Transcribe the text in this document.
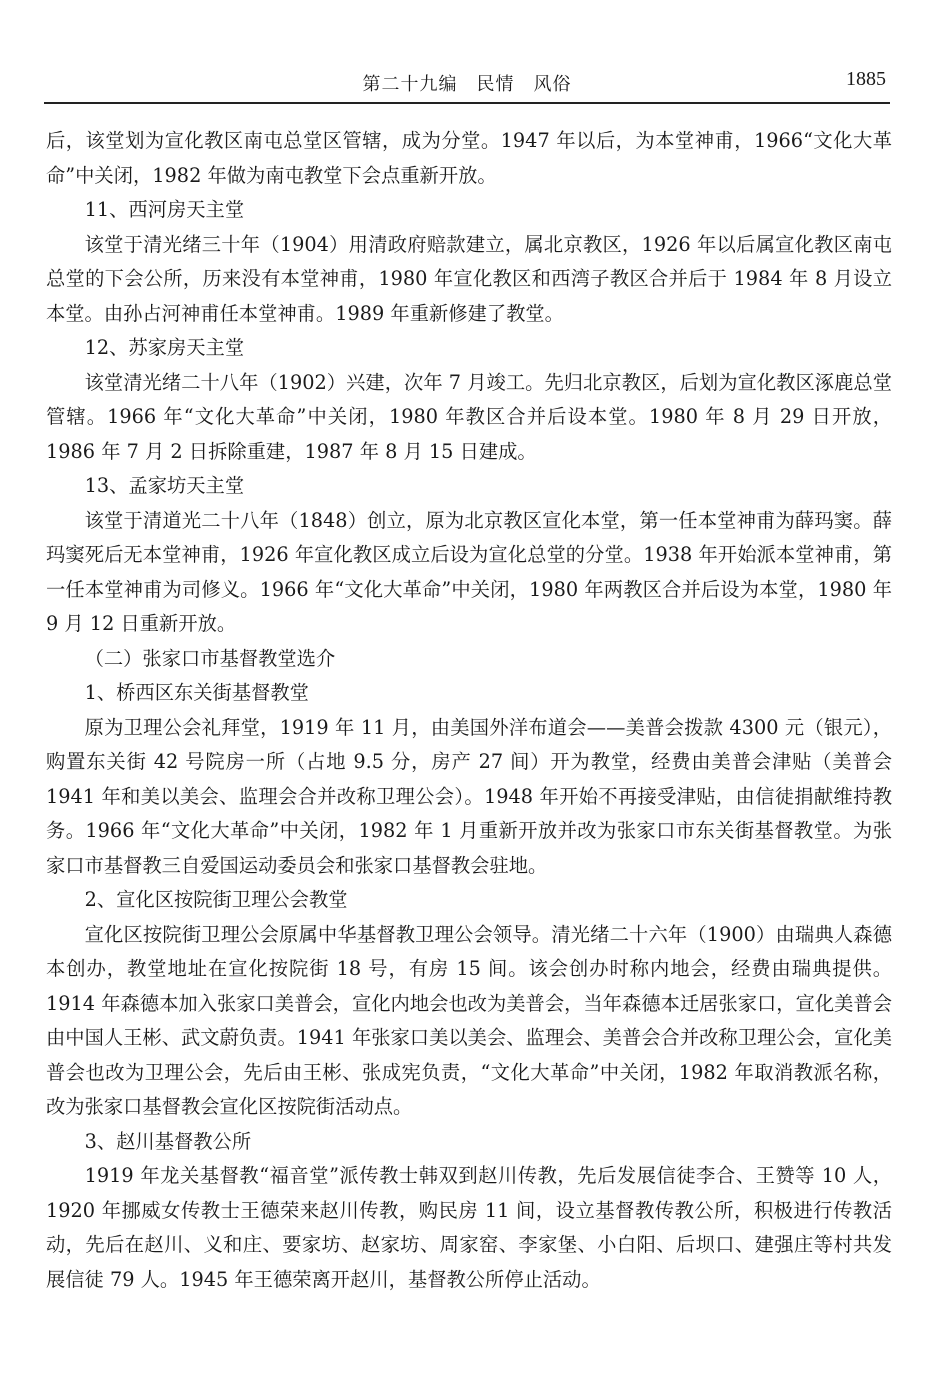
第二十九编　民情　风俗	1885

后，该堂划为宣化教区南屯总堂区管辖，成为分堂。1947 年以后，为本堂神甫，1966“文化大革命”中关闭，1982 年做为南屯教堂下会点重新开放。

11、西河房天主堂

该堂于清光绪三十年（1904）用清政府赔款建立，属北京教区，1926 年以后属宣化教区南屯总堂的下会公所，历来没有本堂神甫，1980 年宣化教区和西湾子教区合并后于 1984 年 8 月设立本堂。由孙占河神甫任本堂神甫。1989 年重新修建了教堂。

12、苏家房天主堂

该堂清光绪二十八年（1902）兴建，次年 7 月竣工。先归北京教区，后划为宣化教区涿鹿总堂管辖。1966 年“文化大革命”中关闭，1980 年教区合并后设本堂。1980 年 8 月 29 日开放，1986 年 7 月 2 日拆除重建，1987 年 8 月 15 日建成。

13、孟家坊天主堂

该堂于清道光二十八年（1848）创立，原为北京教区宣化本堂，第一任本堂神甫为薛玛窦。薛玛窦死后无本堂神甫，1926 年宣化教区成立后设为宣化总堂的分堂。1938 年开始派本堂神甫，第一任本堂神甫为司修义。1966 年“文化大革命”中关闭，1980 年两教区合并后设为本堂，1980 年 9 月 12 日重新开放。

（二）张家口市基督教堂选介

1、桥西区东关街基督教堂

原为卫理公会礼拜堂，1919 年 11 月，由美国外洋布道会——美普会拨款 4300 元（银元），购置东关街 42 号院房一所（占地 9.5 分，房产 27 间）开为教堂，经费由美普会津贴（美普会 1941 年和美以美会、监理会合并改称卫理公会）。1948 年开始不再接受津贴，由信徒捐献维持教务。1966 年“文化大革命”中关闭，1982 年 1 月重新开放并改为张家口市东关街基督教堂。为张家口市基督教三自爱国运动委员会和张家口基督教会驻地。

2、宣化区按院街卫理公会教堂

宣化区按院街卫理公会原属中华基督教卫理公会领导。清光绪二十六年（1900）由瑞典人森德本创办，教堂地址在宣化按院街 18 号，有房 15 间。该会创办时称内地会，经费由瑞典提供。1914 年森德本加入张家口美普会，宣化内地会也改为美普会，当年森德本迁居张家口，宣化美普会由中国人王彬、武文蔚负责。1941 年张家口美以美会、监理会、美普会合并改称卫理公会，宣化美普会也改为卫理公会，先后由王彬、张成宪负责，“文化大革命”中关闭，1982 年取消教派名称，改为张家口基督教会宣化区按院街活动点。

3、赵川基督教公所

1919 年龙关基督教“福音堂”派传教士韩双到赵川传教，先后发展信徒李合、王赞等 10 人，1920 年挪威女传教士王德荣来赵川传教，购民房 11 间，设立基督教传教公所，积极进行传教活动，先后在赵川、义和庄、要家坊、赵家坊、周家窑、李家堡、小白阳、后坝口、建强庄等村共发展信徒 79 人。1945 年王德荣离开赵川，基督教公所停止活动。
